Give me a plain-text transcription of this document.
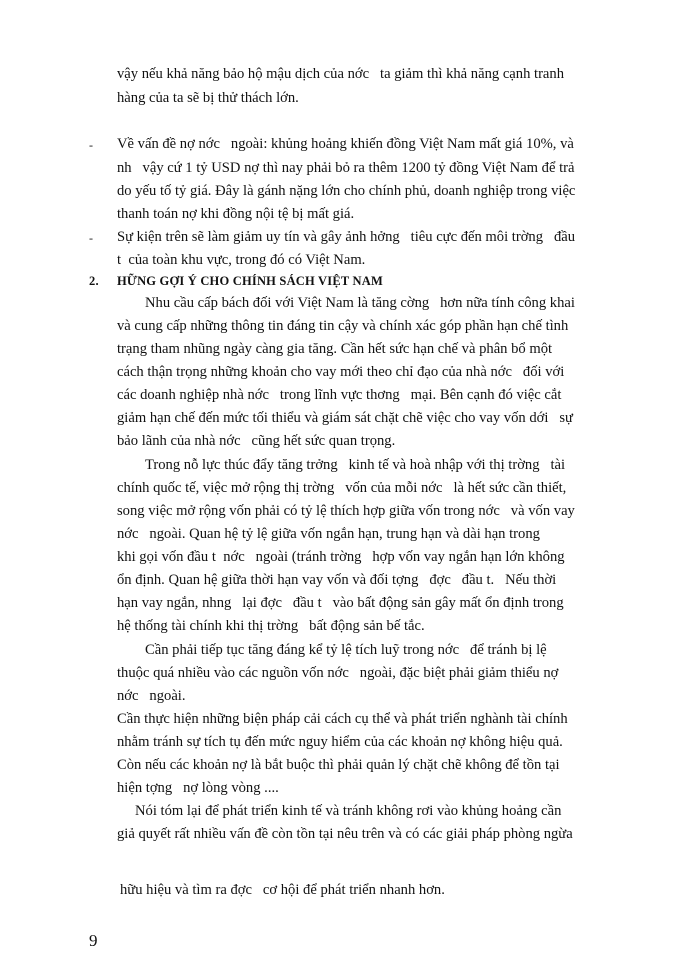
vậy nếu khả năng bảo hộ mậu dịch của nớc   ta giảm thì khả năng cạnh tranh
hàng của ta sẽ bị thử thách lớn.
- Về vấn đề nợ nớc   ngoài: khủng hoảng khiến đồng Việt Nam mất giá 10%, và
nh   vậy cứ 1 tỷ USD nợ thì nay phải bỏ ra thêm 1200 tỷ đồng Việt Nam để trả
do yếu tố tỷ giá. Đây là gánh nặng lớn cho chính phủ, doanh nghiệp trong việc
thanh toán nợ khi đồng nội tệ bị mất giá.
- Sự kiện trên sẽ làm giảm uy tín và gây ảnh hởng   tiêu cực đến môi trờng   đầu
t  của toàn khu vực, trong đó có Việt Nam.
2. HỮNG GỢI Ý CHO CHÍNH SÁCH VIỆT NAM
Nhu cầu cấp bách đối với Việt Nam là tăng cờng   hơn nữa tính công khai
và cung cấp những thông tin đáng tin cậy và chính xác góp phần hạn chế tình
trạng tham nhũng ngày càng gia tăng. Cần hết sức hạn chế và phân bổ một
cách thận trọng những khoản cho vay mới theo chỉ đạo của nhà nớc   đối với
các doanh nghiệp nhà nớc   trong lĩnh vực thơng   mại. Bên cạnh đó việc cắt
giảm hạn chế đến mức tối thiểu và giám sát chặt chẽ việc cho vay vốn dới   sự
bảo lãnh của nhà nớc   cũng hết sức quan trọng.
Trong nỗ lực thúc đẩy tăng trởng   kinh tế và hoà nhập với thị trờng   tài
chính quốc tế, việc mở rộng thị trờng   vốn của mỗi nớc   là hết sức cần thiết,
song việc mở rộng vốn phải có tỷ lệ thích hợp giữa vốn trong nớc   và vốn vay
nớc   ngoài. Quan hệ tỷ lệ giữa vốn ngắn hạn, trung hạn và dài hạn trong
khi gọi vốn đầu t  nớc   ngoài (tránh trờng   hợp vốn vay ngắn hạn lớn không
ổn định. Quan hệ giữa thời hạn vay vốn và đối tợng   đợc   đầu t.   Nếu thời
hạn vay ngắn, nhng   lại đợc   đầu t   vào bất động sản gây mất ổn định trong
hệ thống tài chính khi thị trờng   bất động sản bế tắc.
Cần phải tiếp tục tăng đáng kể tỷ lệ tích luỹ trong nớc   để tránh bị lệ
thuộc quá nhiều vào các nguồn vốn nớc   ngoài, đặc biệt phải giảm thiểu nợ
nớc   ngoài.
Cần thực hiện những biện pháp cải cách cụ thể và phát triển nghành tài chính
nhằm tránh sự tích tụ đến mức nguy hiểm của các khoản nợ không hiệu quả.
Còn nếu các khoản nợ là bắt buộc thì phải quản lý chặt chẽ không để tồn tại
hiện tợng   nợ lòng vòng ....
Nói tóm lại để phát triển kinh tế và tránh không rơi vào khủng hoảng cần
giả quyết rất nhiều vấn đề còn tồn tại nêu trên và có các giải pháp phòng ngừa
hữu hiệu và tìm ra đợc   cơ hội để phát triển nhanh hơn.
9
